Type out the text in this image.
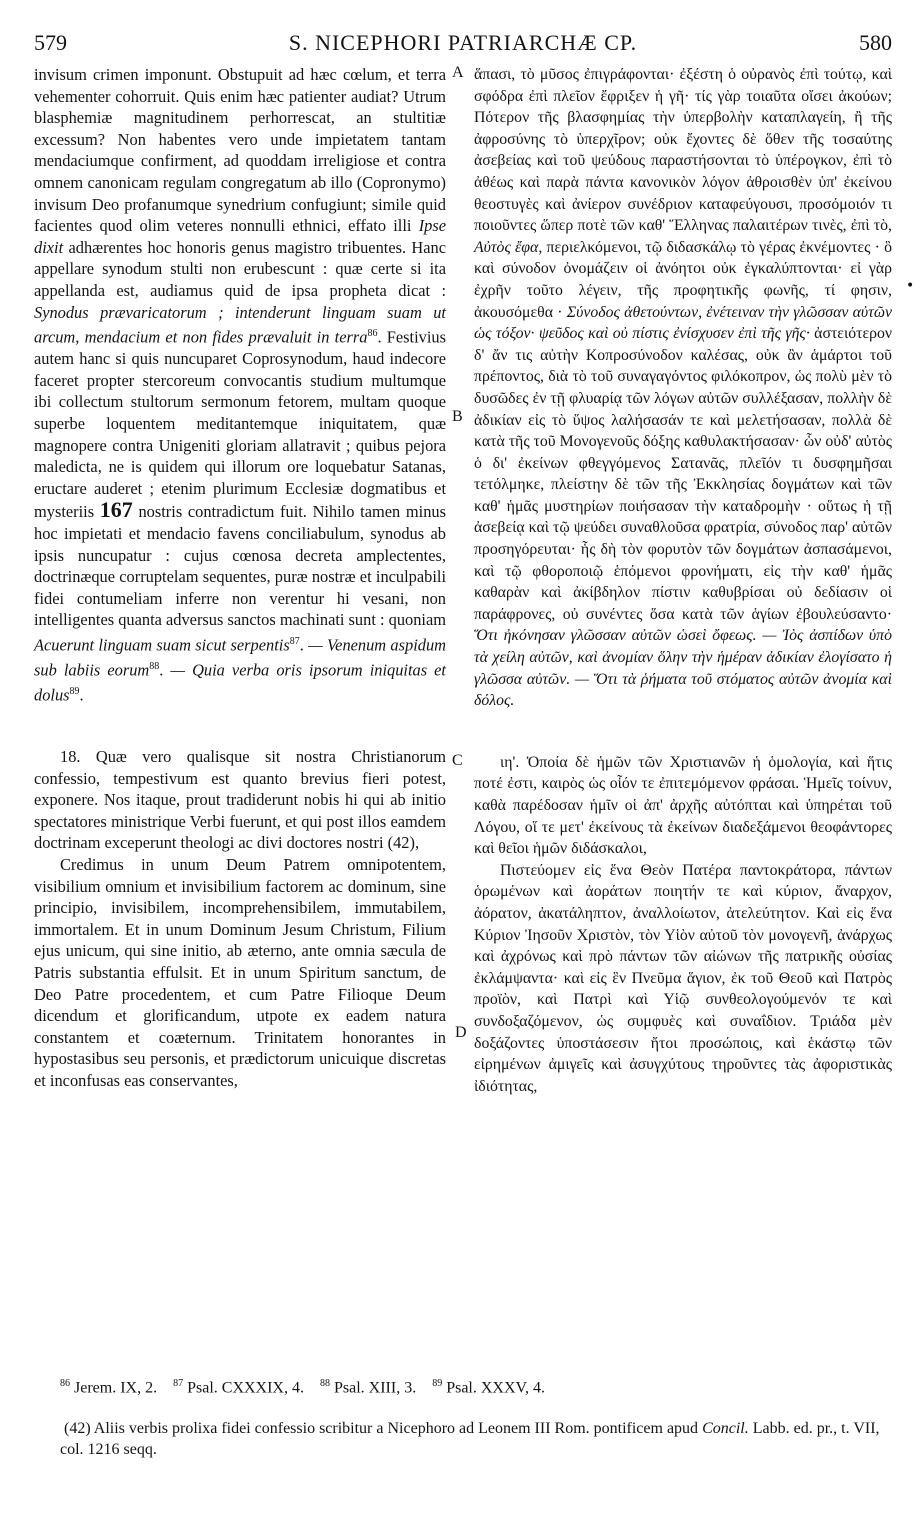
579	S. NICEPHORI PATRIARCHÆ CP.	580
A
B
C
D
•

invisum crimen imponunt. Obstupuit ad hæc cœlum, et terra vehementer cohorruit. Quis enim hæc patienter audiat? Utrum blasphemiæ magnitudinem perhorrescat, an stultitiæ excessum? Non habentes vero unde impietatem tantam mendaciumque confirment, ad quoddam irreligiose et contra omnem canonicam regulam congregatum ab illo (Copronymo) invisum Deo profanumque synedrium confugiunt; simile quid facientes quod olim veteres nonnulli ethnici, effato illi Ipse dixit adhærentes hoc honoris genus magistro tribuentes. Hanc appellare synodum stulti non erubescunt : quæ certe si ita appellanda est, audiamus quid de ipsa propheta dicat : Synodus prævaricatorum ; intenderunt linguam suam ut arcum, mendacium et non fides prævaluit in terra$^{86}$. Festivius autem hanc si quis nuncuparet Coprosynodum, haud indecore faceret propter stercoreum convocantis studium multumque ibi collectum stultorum sermonum fetorem, multam quoque superbe loquentem meditantemque iniquitatem, quæ magnopere contra Unigeniti gloriam allatravit ; quibus pejora maledicta, ne is quidem qui illorum ore loquebatur Satanas, eructare auderet ; etenim plurimum Ecclesiæ dogmatibus et mysteriis 167 nostris contradictum fuit. Nihilo tamen minus hoc impietati et mendacio favens conciliabulum, synodus ab ipsis nuncupatur : cujus cœnosa decreta amplectentes, doctrinæque corruptelam sequentes, puræ nostræ et inculpabili fidei contumeliam inferre non verentur hi vesani, non intelligentes quanta adversus sanctos machinati sunt : quoniam Acuerunt linguam suam sicut serpentis$^{87}$. — Venenum aspidum sub labiis eorum$^{88}$. — Quia verba oris ipsorum iniquitas et dolus$^{89}$.

18. Quæ vero qualisque sit nostra Christianorum confessio, tempestivum est quanto brevius fieri potest, exponere. Nos itaque, prout tradiderunt nobis hi qui ab initio spectatores ministrique Verbi fuerunt, et qui post illos eamdem doctrinam exceperunt theologi ac divi doctores nostri (42),

Credimus in unum Deum Patrem omnipotentem, visibilium omnium et invisibilium factorem ac dominum, sine principio, invisibilem, incomprehensibilem, immutabilem, immortalem. Et in unum Dominum Jesum Christum, Filium ejus unicum, qui sine initio, ab æterno, ante omnia sæcula de Patris substantia effulsit. Et in unum Spiritum sanctum, de Deo Patre procedentem, et cum Patre Filioque Deum dicendum et glorificandum, utpote ex eadem natura constantem et coæternum. Trinitatem honorantes in hypostasibus seu personis, et prædictorum unicuique discretas et inconfusas eas conservantes,

ἅπασι, τὸ μῦσος ἐπιγράφονται· ἐξέστη ὁ οὐρανὸς ἐπὶ τούτῳ, καὶ σφόδρα ἐπὶ πλεῖον ἔφριξεν ἡ γῆ· τίς γὰρ τοιαῦτα οἴσει ἀκούων; Πότερον τῆς βλασφημίας τὴν ὑπερβολὴν καταπλαγείη, ἢ τῆς ἀφροσύνης τὸ ὑπερχῖρον; οὐκ ἔχοντες δὲ ὅθεν τῆς τοσαύτης ἀσεβείας καὶ τοῦ ψεύδους παραστήσονται τὸ ὑπέρογκον, ἐπὶ τὸ ἀθέως καὶ παρὰ πάντα κανονικὸν λόγον ἀθροισθὲν ὑπ' ἐκείνου θεοστυγὲς καὶ ἀνίερον συνέδριον καταφεύγουσι, προσόμοιόν τι ποιοῦντες ὥπερ ποτὲ τῶν καθ' Ἕλληνας παλαιτέρων τινὲς, ἐπὶ τὸ, Αὐτὸς ἔφα, περιελκόμενοι, τῷ διδασκάλῳ τὸ γέρας ἐκνέμοντες · ὃ καὶ σύνοδον ὀνομάζειν οἱ ἀνόητοι οὐκ ἐγκαλύπτονται· εἰ γὰρ ἐχρῆν τοῦτο λέγειν, τῆς προφητικῆς φωνῆς, τί φησιν, ἀκουσόμεθα · Σύνοδος ἀθετούντων, ἐνέτειναν τὴν γλῶσσαν αὐτῶν ὡς τόξον· ψεῦδος καὶ οὐ πίστις ἐνίσχυσεν ἐπὶ τῆς γῆς· ἀστειότερον δ' ἄν τις αὐτὴν Κοπροσύνοδον καλέσας, οὐκ ἂν ἁμάρτοι τοῦ πρέποντος, διὰ τὸ τοῦ συναγαγόντος φιλόκοπρον, ὡς πολὺ μὲν τὸ δυσῶδες ἐν τῇ φλυαρίᾳ τῶν λόγων αὐτῶν συλλέξασαν, πολλὴν δὲ ἀδικίαν εἰς τὸ ὕψος λαλήσασάν τε καὶ μελετήσασαν, πολλὰ δὲ κατὰ τῆς τοῦ Μονογενοῦς δόξης καθυλακτήσασαν· ὧν οὐδ' αὐτὸς ὁ δι' ἐκείνων φθεγγόμενος Σατανᾶς, πλεῖόν τι δυσφημῆσαι τετόλμηκε, πλείστην δὲ τῶν τῆς Ἐκκλησίας δογμάτων καὶ τῶν καθ' ἡμᾶς μυστηρίων ποιήσασαν τὴν καταδρομὴν · οὕτως ἡ τῇ ἀσεβείᾳ καὶ τῷ ψεύδει συναθλοῦσα φρατρία, σύνοδος παρ' αὐτῶν προσηγόρευται· ἧς δὴ τὸν φορυτὸν τῶν δογμάτων ἀσπασάμενοι, καὶ τῷ φθοροποιῷ ἑπόμενοι φρονήματι, εἰς τὴν καθ' ἡμᾶς καθαρὰν καὶ ἀκίβδηλον πίστιν καθυβρίσαι οὐ δεδίασιν οἱ παράφρονες, οὐ συνέντες ὅσα κατὰ τῶν ἁγίων ἐβουλεύσαντο· Ὅτι ἠκόνησαν γλῶσσαν αὐτῶν ὡσεὶ ὄφεως. — Ἰὸς ἀσπίδων ὑπὸ τὰ χείλη αὐτῶν, καὶ ἀνομίαν ὅλην τὴν ἡμέραν ἀδικίαν ἐλογίσατο ἡ γλῶσσα αὐτῶν. — Ὅτι τὰ ῥήματα τοῦ στόματος αὐτῶν ἀνομία καὶ δόλος.

ιη'. Ὁποία δὲ ἡμῶν τῶν Χριστιανῶν ἡ ὁμολογία, καὶ ἥτις ποτέ ἐστι, καιρὸς ὡς οἷόν τε ἐπιτεμόμενον φράσαι. Ἡμεῖς τοίνυν, καθὰ παρέδοσαν ἡμῖν οἱ ἀπ' ἀρχῆς αὐτόπται καὶ ὑπηρέται τοῦ Λόγου, οἵ τε μετ' ἐκείνους τὰ ἐκείνων διαδεξάμενοι θεοφάντορες καὶ θεῖοι ἡμῶν διδάσκαλοι,

Πιστεύομεν εἰς ἕνα Θεὸν Πατέρα παντοκράτορα, πάντων ὁρωμένων καὶ ἀοράτων ποιητήν τε καὶ κύριον, ἄναρχον, ἀόρατον, ἀκατάληπτον, ἀναλλοίωτον, ἀτελεύτητον. Καὶ εἰς ἕνα Κύριον Ἰησοῦν Χριστὸν, τὸν Υἱὸν αὐτοῦ τὸν μονογενῆ, ἀνάρχως καὶ ἀχρόνως καὶ πρὸ πάντων τῶν αἰώνων τῆς πατρικῆς οὐσίας ἐκλάμψαντα· καὶ εἰς ἓν Πνεῦμα ἅγιον, ἐκ τοῦ Θεοῦ καὶ Πατρὸς προϊὸν, καὶ Πατρὶ καὶ Υἱῷ συνθεολογούμενόν τε καὶ συνδοξαζόμενον, ὡς συμφυὲς καὶ συναΐδιον. Τριάδα μὲν δοξάζοντες ὑποστάσεσιν ἤτοι προσώποις, καὶ ἑκάστῳ τῶν εἰρημένων ἀμιγεῖς καὶ ἀσυγχύτους τηροῦντες τὰς ἀφοριστικὰς ἰδιότητας,

$^{86}$ Jerem. IX, 2. $^{87}$ Psal. CXXXIX, 4. $^{88}$ Psal. XIII, 3. $^{89}$ Psal. XXXV, 4.

(42) Aliis verbis prolixa fidei confessio scribitur a Nicephoro ad Leonem III Rom. pontificem apud Concil. Labb. ed. pr., t. VII, col. 1216 seqq.
